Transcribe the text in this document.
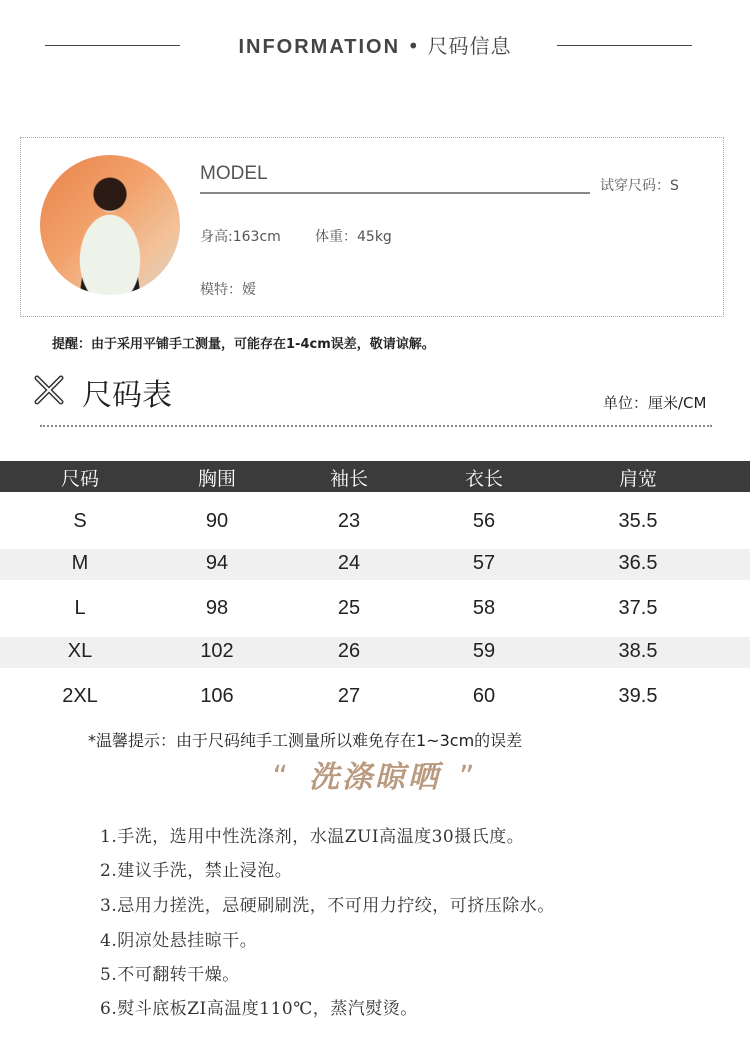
INFORMATION • 尺码信息
MODEL
试穿尺码：S
身高:163cm 体重：45kg
模特：嫒
提醒：由于采用平铺手工测量，可能存在1-4cm误差，敬请谅解。
尺码表	单位：厘米/CM
尺码	胸围	袖长	衣长	肩宽
S	90	23	56	35.5
M	94	24	57	36.5
L	98	25	58	37.5
XL	102	26	59	38.5
2XL	106	27	60	39.5
*温馨提示：由于尺码纯手工测量所以难免存在1~3cm的误差
“ 洗涤晾晒 ”
1.手洗，选用中性洗涤剂，水温ZUI高温度30摄氏度。
2.建议手洗，禁止浸泡。
3.忌用力搓洗，忌硬刷刷洗，不可用力拧绞，可挤压除水。
4.阴凉处悬挂晾干。
5.不可翻转干燥。
6.熨斗底板ZI高温度110℃，蒸汽熨烫。
